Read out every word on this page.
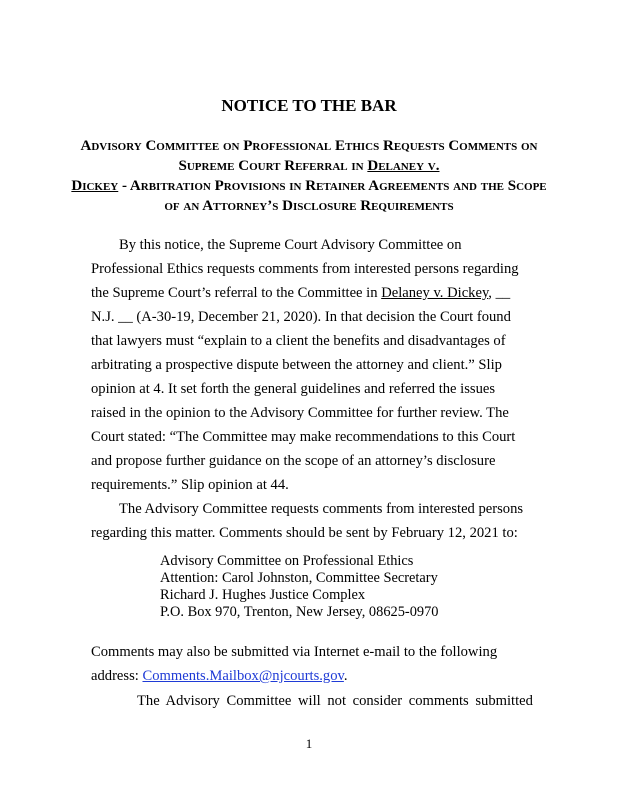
NOTICE TO THE BAR
Advisory Committee on Professional Ethics Requests Comments on Supreme Court Referral in Delaney v.
Dickey - Arbitration Provisions in Retainer Agreements and the Scope of an Attorney’s Disclosure Requirements

By this notice, the Supreme Court Advisory Committee on Professional Ethics requests comments from interested persons regarding the Supreme Court’s referral to the Committee in Delaney v. Dickey, __ N.J. __ (A-30-19, December 21, 2020). In that decision the Court found that lawyers must “explain to a client the benefits and disadvantages of arbitrating a prospective dispute between the attorney and client.” Slip opinion at 4. It set forth the general guidelines and referred the issues raised in the opinion to the Advisory Committee for further review. The Court stated: “The Committee may make recommendations to this Court and propose further guidance on the scope of an attorney’s disclosure requirements.” Slip opinion at 44.

The Advisory Committee requests comments from interested persons regarding this matter. Comments should be sent by February 12, 2021 to:

Advisory Committee on Professional Ethics
Attention: Carol Johnston, Committee Secretary
Richard J. Hughes Justice Complex
P.O. Box 970, Trenton, New Jersey, 08625-0970

Comments may also be submitted via Internet e-mail to the following address: Comments.Mailbox@njcourts.gov.

The Advisory Committee will not consider comments submitted

1
